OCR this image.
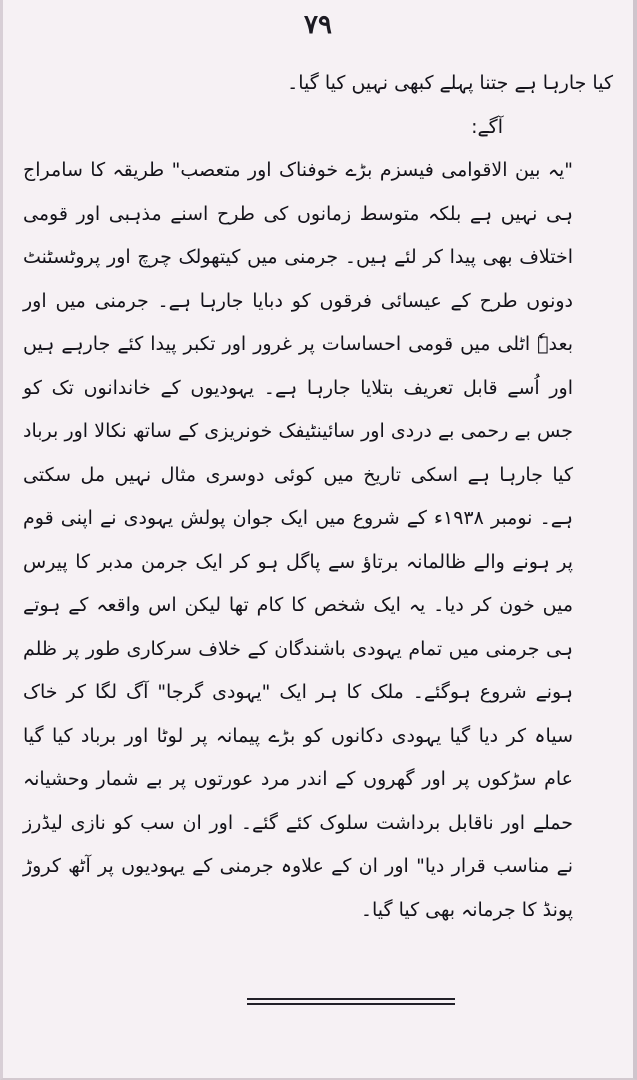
۷۹

کیا جارہا ہے جتنا پہلے کبھی نہیں کیا گیا۔

آگے:

"یہ بین الاقوامی فیسزم بڑے خوفناک اور متعصب" طریقہ کا سامراج ہی نہیں ہے بلکہ متوسط زمانوں کی طرح اسنے مذہبی اور قومی اختلاف بھی پیدا کر لئے ہیں۔ جرمنی میں کیتھولک چرچ اور پروٹسٹنٹ دونوں طرح کے عیسائی فرقوں کو دبایا جارہا ہے۔ جرمنی میں اور بعدہٗ اٹلی میں قومی احساسات پر غرور اور تکبر پیدا کئے جارہے ہیں اور اُسے قابل تعریف بتلایا جارہا ہے۔ یہودیوں کے خاندانوں تک کو جس بے رحمی بے دردی اور سائینٹیفک خونریزی کے ساتھ نکالا اور برباد کیا جارہا ہے اسکی تاریخ میں کوئی دوسری مثال نہیں مل سکتی ہے۔ نومبر ۱۹۳۸ء کے شروع میں ایک جوان پولش یہودی نے اپنی قوم پر ہونے والے ظالمانہ برتاؤ سے پاگل ہو کر ایک جرمن مدبر کا پیرس میں خون کر دیا۔ یہ ایک شخص کا کام تھا لیکن اس واقعہ کے ہوتے ہی جرمنی میں تمام یہودی باشندگان کے خلاف سرکاری طور پر ظلم ہونے شروع ہوگئے۔ ملک کا ہر ایک "یہودی گرجا" آگ لگا کر خاک سیاہ کر دیا گیا یہودی دکانوں کو بڑے پیمانہ پر لوٹا اور برباد کیا گیا عام سڑکوں پر اور گھروں کے اندر مرد عورتوں پر بے شمار وحشیانہ حملے اور ناقابل برداشت سلوک کئے گئے۔ اور ان سب کو نازی لیڈرز نے مناسب قرار دیا" اور ان کے علاوہ جرمنی کے یہودیوں پر آٹھ کروڑ پونڈ کا جرمانہ بھی کیا گیا۔
